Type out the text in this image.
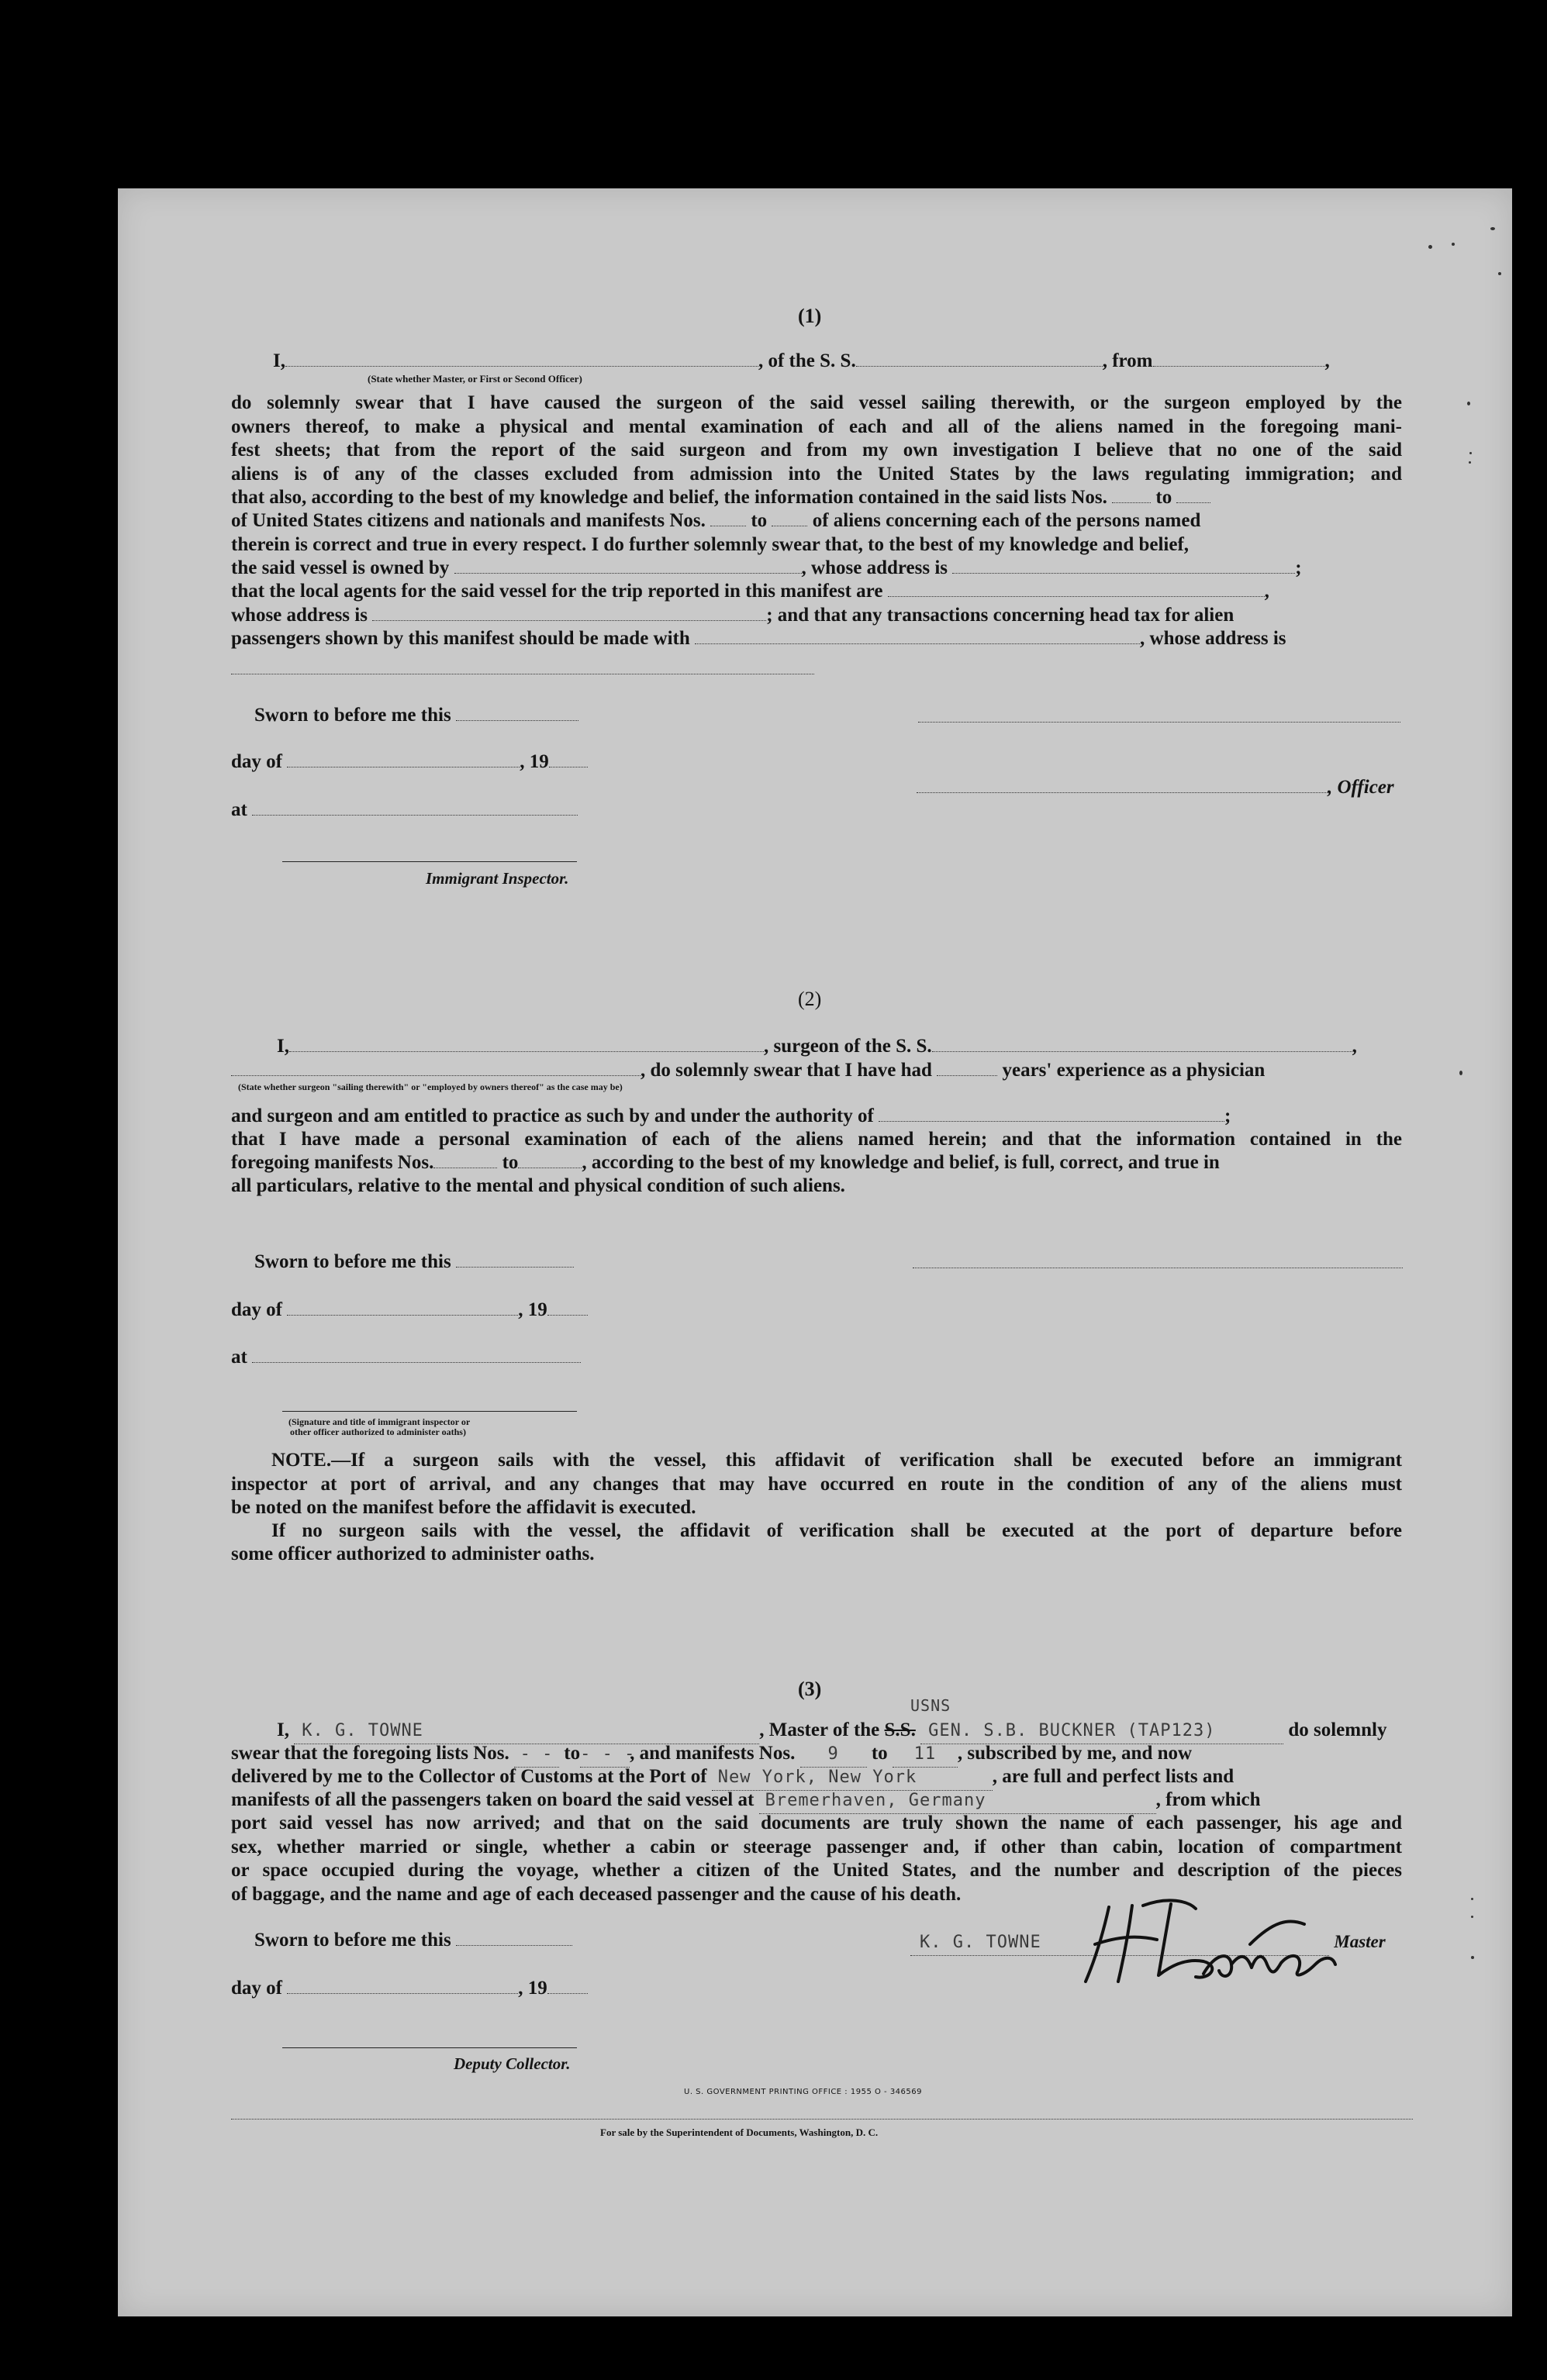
(1)
I,	, of the S. S.	, from	,
(State whether Master, or First or Second Officer)
do solemnly swear that I have caused the surgeon of the said vessel sailing therewith, or the surgeon employed by the
owners thereof, to make a physical and mental examination of each and all of the aliens named in the foregoing mani-
fest sheets; that from the report of the said surgeon and from my own investigation I believe that no one of the said
aliens is of any of the classes excluded from admission into the United States by the laws regulating immigration; and
that also, according to the best of my knowledge and belief, the information contained in the said lists Nos.	to
of United States citizens and nationals and manifests Nos. to of aliens concerning each of the persons named
therein is correct and true in every respect. I do further solemnly swear that, to the best of my knowledge and belief,
the said vessel is owned by	, whose address is	;
that the local agents for the said vessel for the trip reported in this manifest are	,
whose address is	; and that any transactions concerning head tax for alien
passengers shown by this manifest should be made with	, whose address is
Sworn to before me this
day of	, 19
, Officer
at
Immigrant Inspector.
(2)
I,	, surgeon of the S. S.	,
, do solemnly swear that I have had	years' experience as a physician
(State whether surgeon "sailing therewith" or "employed by owners thereof" as the case may be)
and surgeon and am entitled to practice as such by and under the authority of	;
that I have made a personal examination of each of the aliens named herein; and that the information contained in the
foregoing manifests Nos.	to	, according to the best of my knowledge and belief, is full, correct, and true in
all particulars, relative to the mental and physical condition of such aliens.
Sworn to before me this
day of	, 19
at
(Signature and title of immigrant inspector or
other officer authorized to administer oaths)
NOTE.—If a surgeon sails with the vessel, this affidavit of verification shall be executed before an immigrant
inspector at port of arrival, and any changes that may have occurred en route in the condition of any of the aliens must
be noted on the manifest before the affidavit is executed.
If no surgeon sails with the vessel, the affidavit of verification shall be executed at the port of departure before
some officer authorized to administer oaths.
(3)
USNS
I, K. G. TOWNE	, Master of the S.S. GEN. S.B. BUCKNER (TAP123)	do solemnly
swear that the foregoing lists Nos. - - to- - -, and manifests Nos. 9 to 11 , subscribed by me, and now
delivered by me to the Collector of Customs at the Port of New York, New York	, are full and perfect lists and
manifests of all the passengers taken on board the said vessel at Bremerhaven, Germany	, from which
port said vessel has now arrived; and that on the said documents are truly shown the name of each passenger, his age and
sex, whether married or single, whether a cabin or steerage passenger and, if other than cabin, location of compartment
or space occupied during the voyage, whether a citizen of the United States, and the number and description of the pieces
of baggage, and the name and age of each deceased passenger and the cause of his death.
Sworn to before me this	K. G. TOWNE	Master
day of	, 19
Deputy Collector.
U. S. GOVERNMENT PRINTING OFFICE : 1955 O - 346569
For sale by the Superintendent of Documents, Washington, D. C.
